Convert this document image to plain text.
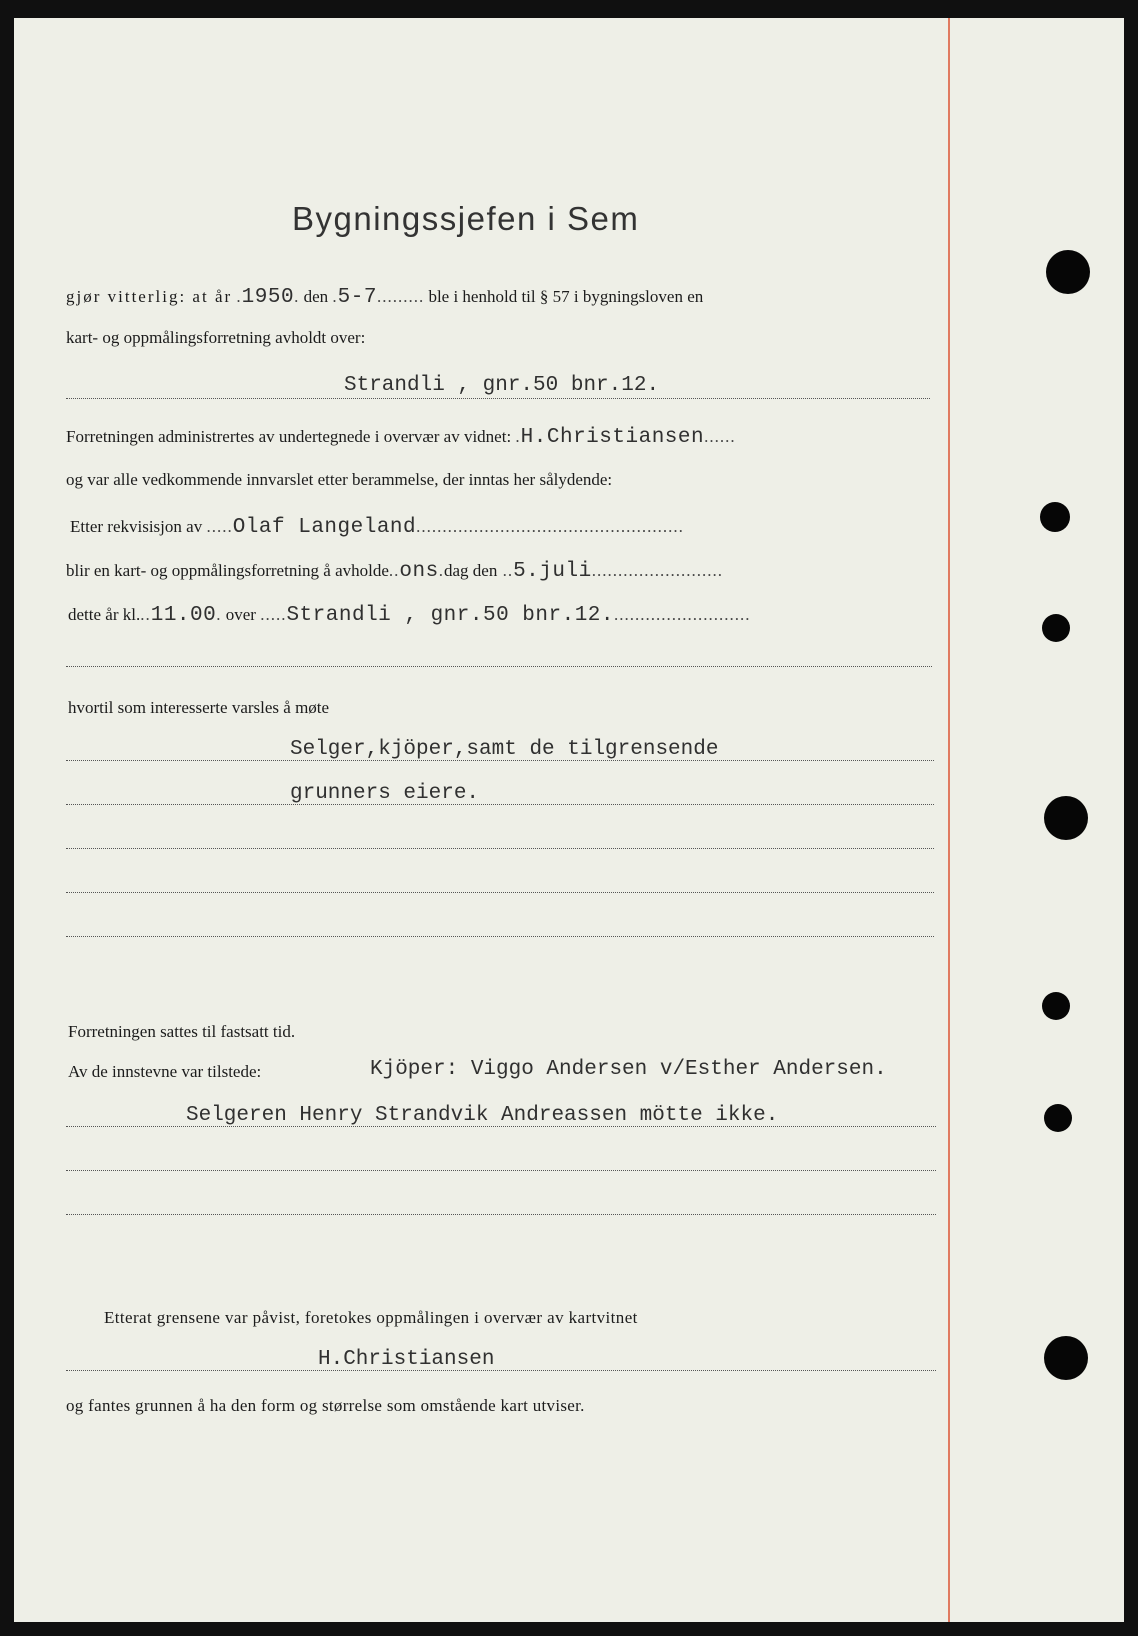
Bygningssjefen i Sem
gjør vitterlig: at år .1950. den .5-7......... ble i henhold til § 57 i bygningsloven en
kart- og oppmålingsforretning avholdt over:
Strandli , gnr.50 bnr.12.
Forretningen administrertes av undertegnede i overvær av vidnet: .H.Christiansen......
og var alle vedkommende innvarslet etter berammelse, der inntas her sålydende:
Etter rekvisisjon av .....Olaf Langeland...................................................
blir en kart- og oppmålingsforretning å avholde..ons.dag den ..5.juli.........................
dette år kl...11.00. over .....Strandli , gnr.50 bnr.12...........................
hvortil som interesserte varsles å møte
Selger,kjöper,samt de tilgrensende
grunners eiere.
Forretningen sattes til fastsatt tid.
Av de innstevne var tilstede:	Kjöper: Viggo Andersen v/Esther Andersen.
Selgeren Henry Strandvik Andreassen mötte ikke.
Etterat grensene var påvist, foretokes oppmålingen i overvær av kartvitnet
H.Christiansen
og fantes grunnen å ha den form og størrelse som omstående kart utviser.
